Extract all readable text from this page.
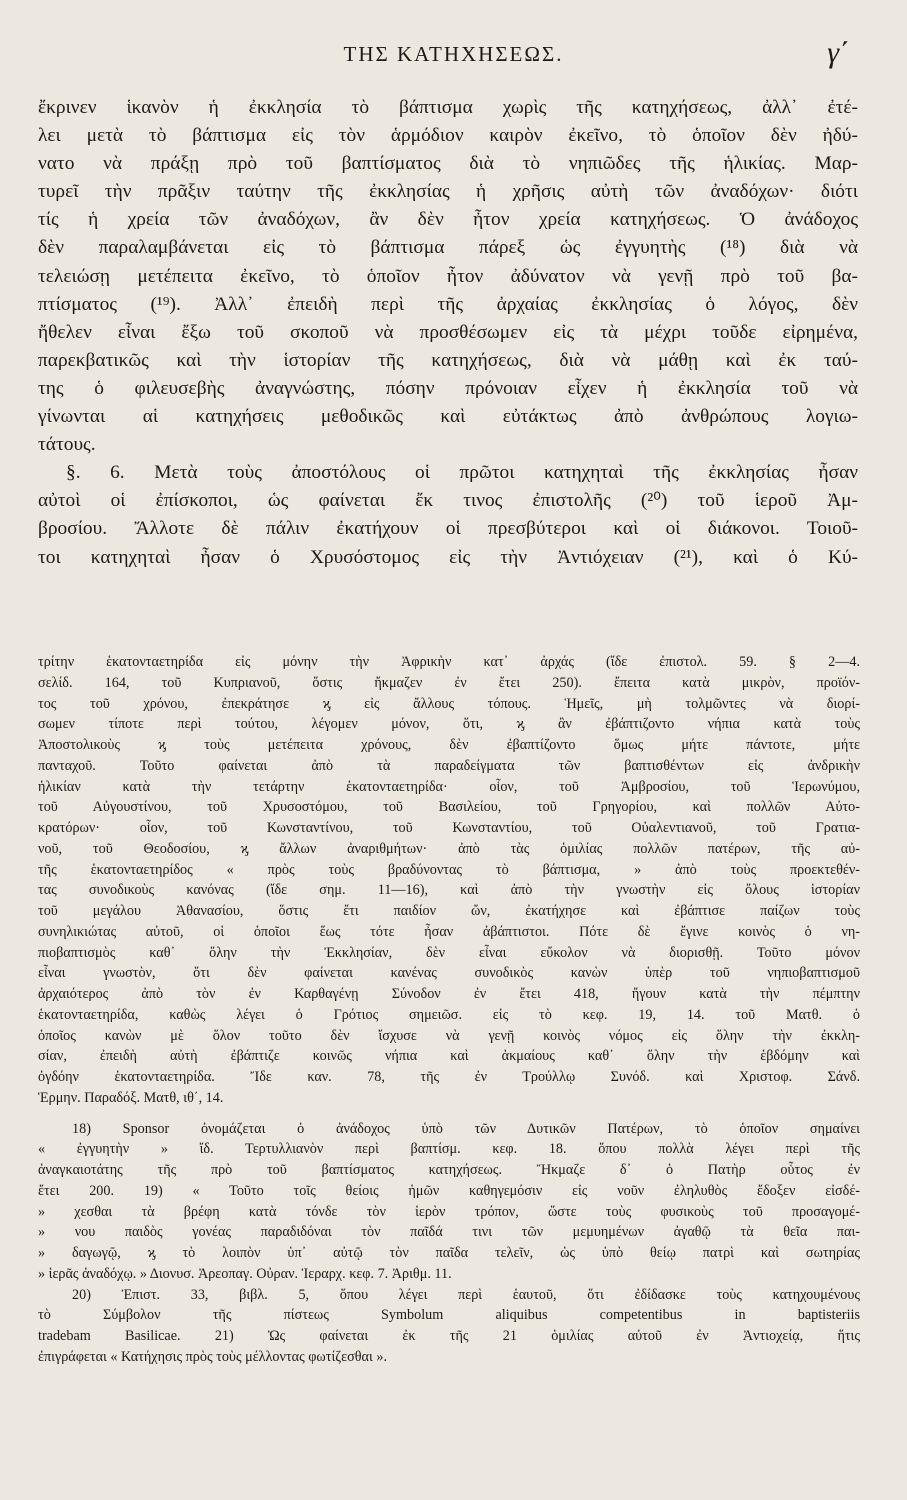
ΤΗΣ ΚΑΤΗΧΗΣΕΩΣ.	γ΄
ἔκρινεν ἱκανὸν ἡ ἐκκλησία τὸ βάπτισμα χωρὶς τῆς κατηχήσεως, ἀλλ᾽ ἐτέ-
λει μετὰ τὸ βάπτισμα εἰς τὸν ἁρμόδιον καιρὸν ἐκεῖνο, τὸ ὁποῖον δὲν ἠδύ-
νατο νὰ πράξῃ πρὸ τοῦ βαπτίσματος διὰ τὸ νηπιῶδες τῆς ἡλικίας. Μαρ-
τυρεῖ τὴν πρᾶξιν ταύτην τῆς ἐκκλησίας ἡ χρῆσις αὐτὴ τῶν ἀναδόχων· διότι
τίς ἡ χρεία τῶν ἀναδόχων, ἂν δὲν ἦτον χρεία κατηχήσεως. Ὁ ἀνάδοχος
δὲν παραλαμβάνεται εἰς τὸ βάπτισμα πάρεξ ὡς ἐγγυητὴς (¹⁸) διὰ νὰ
τελειώσῃ μετέπειτα ἐκεῖνο, τὸ ὁποῖον ἦτον ἀδύνατον νὰ γενῇ πρὸ τοῦ βα-
πτίσματος (¹⁹). Ἀλλ᾽ ἐπειδὴ περὶ τῆς ἀρχαίας ἐκκλησίας ὁ λόγος, δὲν
ἤθελεν εἶναι ἔξω τοῦ σκοποῦ νὰ προσθέσωμεν εἰς τὰ μέχρι τοῦδε εἰρημένα,
παρεκβατικῶς καὶ τὴν ἱστορίαν τῆς κατηχήσεως, διὰ νὰ μάθῃ καὶ ἐκ ταύ-
της ὁ φιλευσεβὴς ἀναγνώστης, πόσην πρόνοιαν εἶχεν ἡ ἐκκλησία τοῦ νὰ
γίνωνται αἱ κατηχήσεις μεθοδικῶς καὶ εὐτάκτως ἀπὸ ἀνθρώπους λογιω-
τάτους.
§. 6. Μετὰ τοὺς ἀποστόλους οἱ πρῶτοι κατηχηταὶ τῆς ἐκκλησίας ἦσαν
αὐτοὶ οἱ ἐπίσκοποι, ὡς φαίνεται ἔκ τινος ἐπιστολῆς (²⁰) τοῦ ἱεροῦ Ἀμ-
βροσίου. Ἄλλοτε δὲ πάλιν ἐκατήχουν οἱ πρεσβύτεροι καὶ οἱ διάκονοι. Τοιοῦ-
τοι κατηχηταὶ ἦσαν ὁ Χρυσόστομος εἰς τὴν Ἀντιόχειαν (²¹), καὶ ὁ Κύ-
τρίτην ἑκατονταετηρίδα εἰς μόνην τὴν Ἀφρικὴν κατ᾽ ἀρχάς (ἴδε ἐπιστολ. 59. § 2—4.
σελίδ. 164, τοῦ Κυπριανοῦ, ὅστις ἤκμαζεν ἐν ἔτει 250). ἔπειτα κατὰ μικρὸν, προϊόν-
τος τοῦ χρόνου, ἐπεκράτησε ϗ εἰς ἄλλους τόπους. Ἡμεῖς, μὴ τολμῶντες νὰ διορί-
σωμεν τίποτε περὶ τούτου, λέγομεν μόνον, ὅτι, ϗ ἂν ἐβάπτιζοντο νήπια κατὰ τοὺς
Ἀποστολικοὺς ϗ τοὺς μετέπειτα χρόνους, δὲν ἐβαπτίζοντο ὅμως μήτε πάντοτε, μήτε
πανταχοῦ. Τοῦτο φαίνεται ἀπὸ τὰ παραδείγματα τῶν βαπτισθέντων εἰς ἀνδρικὴν
ἡλικίαν κατὰ τὴν τετάρτην ἑκατονταετηρίδα· οἷον, τοῦ Ἀμβροσίου, τοῦ Ἱερωνύμου,
τοῦ Αὐγουστίνου, τοῦ Χρυσοστόμου, τοῦ Βασιλείου, τοῦ Γρηγορίου, καὶ πολλῶν Αὐτο-
κρατόρων· οἷον, τοῦ Κωνσταντίνου, τοῦ Κωνσταντίου, τοῦ Οὐαλεντιανοῦ, τοῦ Γρατια-
νοῦ, τοῦ Θεοδοσίου, ϗ ἄλλων ἀναριθμήτων· ἀπὸ τὰς ὁμιλίας πολλῶν πατέρων, τῆς αὐ-
τῆς ἑκατονταετηρίδος « πρὸς τοὺς βραδύνοντας τὸ βάπτισμα, » ἀπὸ τοὺς προεκτεθέν-
τας συνοδικοὺς κανόνας (ἴδε σημ. 11—16), καὶ ἀπὸ τὴν γνωστὴν εἰς ὅλους ἱστορίαν
τοῦ μεγάλου Ἀθανασίου, ὅστις ἔτι παιδίον ὤν, ἐκατήχησε καὶ ἐβάπτισε παίζων τοὺς
συνηλικιώτας αὐτοῦ, οἱ ὁποῖοι ἕως τότε ἦσαν ἀβάπτιστοι. Πότε δὲ ἔγινε κοινὸς ὁ νη-
πιοβαπτισμὸς καθ᾽ ὅλην τὴν Ἐκκλησίαν, δὲν εἶναι εὔκολον νὰ διορισθῇ. Τοῦτο μόνον
εἶναι γνωστὸν, ὅτι δὲν φαίνεται κανένας συνοδικὸς κανὼν ὑπὲρ τοῦ νηπιοβαπτισμοῦ
ἀρχαιότερος ἀπὸ τὸν ἐν Καρθαγένῃ Σύνοδον ἐν ἔτει 418, ἤγουν κατὰ τὴν πέμπτην
ἑκατονταετηρίδα, καθὼς λέγει ὁ Γρότιος σημειῶσ. εἰς τὸ κεφ. 19, 14. τοῦ Ματθ. ὁ
ὁποῖος κανὼν μὲ ὅλον τοῦτο δὲν ἴσχυσε νὰ γενῇ κοινὸς νόμος εἰς ὅλην τὴν ἐκκλη-
σίαν, ἐπειδὴ αὐτὴ ἐβάπτιζε κοινῶς νήπια καὶ ἀκμαίους καθ᾽ ὅλην τὴν ἑβδόμην καὶ
ὀγδόην ἑκατονταετηρίδα. Ἴδε καν. 78, τῆς ἐν Τρούλλῳ Συνόδ. καὶ Χριστοφ. Σάνδ.
Ἑρμην. Παραδόξ. Ματθ, ιθ΄, 14.
18) Sponsor ὀνομάζεται ὁ ἀνάδοχος ὑπὸ τῶν Δυτικῶν Πατέρων, τὸ ὁποῖον σημαίνει
« ἐγγυητὴν » ἴδ. Τερτυλλιανὸν περὶ βαπτίσμ. κεφ. 18. ὅπου πολλὰ λέγει περὶ τῆς
ἀναγκαιοτάτης τῆς πρὸ τοῦ βαπτίσματος κατηχήσεως. Ἤκμαζε δ᾽ ὁ Πατὴρ οὗτος ἐν
ἔτει 200. 19) « Τοῦτο τοῖς θείοις ἡμῶν καθηγεμόσιν εἰς νοῦν ἐληλυθὸς ἔδοξεν εἰσδέ-
» χεσθαι τὰ βρέφη κατὰ τόνδε τὸν ἱερὸν τρόπον, ὥστε τοὺς φυσικοὺς τοῦ προσαγομέ-
» νου παιδὸς γονέας παραδιδόναι τὸν παῖδά τινι τῶν μεμυημένων ἀγαθῷ τὰ θεῖα παι-
» δαγωγῷ, ϗ τὸ λοιπὸν ὑπ᾽ αὐτῷ τὸν παῖδα τελεῖν, ὡς ὑπὸ θείῳ πατρὶ καὶ σωτηρίας
» ἱερᾶς ἀναδόχῳ. » Διονυσ. Ἀρεοπαγ. Οὐραν. Ἱεραρχ. κεφ. 7. Ἀριθμ. 11.
20) Ἐπιστ. 33, βιβλ. 5, ὅπου λέγει περὶ ἑαυτοῦ, ὅτι ἐδίδασκε τοὺς κατηχουμένους
τὸ Σύμβολον τῆς πίστεως Symbolum aliquibus competentibus in baptisteriis
tradebam Basilicae. 21) Ὡς φαίνεται ἐκ τῆς 21 ὁμιλίας αὐτοῦ ἐν Ἀντιοχείᾳ, ἥτις
ἐπιγράφεται « Κατήχησις πρὸς τοὺς μέλλοντας φωτίζεσθαι ».
